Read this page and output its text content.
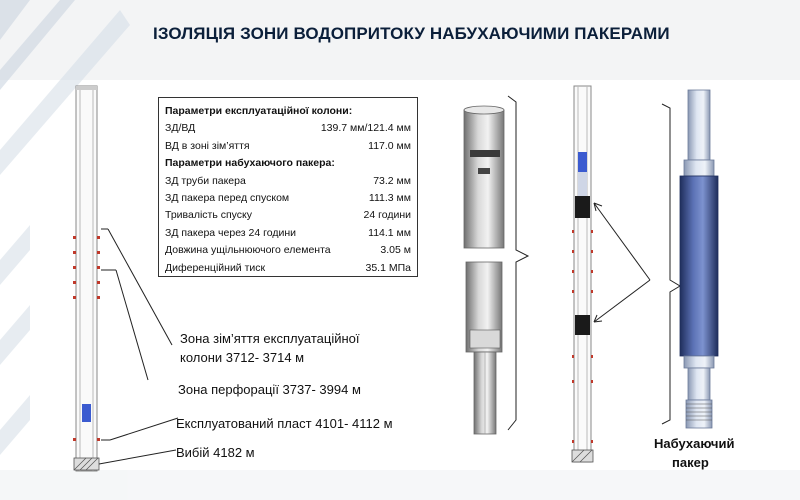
ІЗОЛЯЦІЯ ЗОНИ ВОДОПРИТОКУ НАБУХАЮЧИМИ ПАКЕРАМИ
Параметри експлуатаційної колони:
ЗД/ВД	139.7 мм/121.4 мм
ВД в зоні зім’яття	117.0 мм
Параметри набухаючого пакера:
ЗД труби пакера	73.2 мм
ЗД пакера перед спуском	111.3 мм
Тривалість спуску	24 години
ЗД пакера через 24 години	114.1 мм
Довжина ущільнюючого елемента	3.05 м
Диференційний тиск	35.1 МПа
Зона зім’яття експлуатаційної
колони 3712- 3714 м
Зона перфорації 3737- 3994 м
Експлуатований пласт 4101- 4112 м
Вибій 4182 м
Набухаючий
пакер
